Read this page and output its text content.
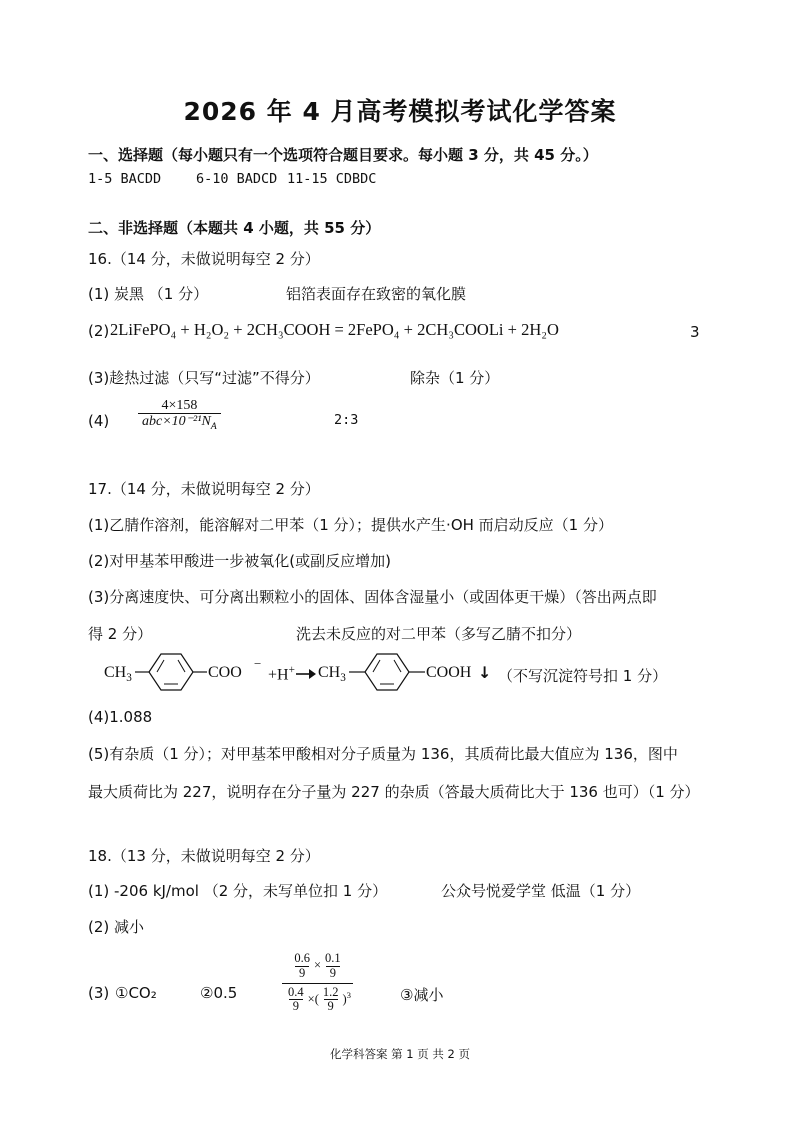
2026 年 4 月高考模拟考试化学答案
一、选择题（每小题只有一个选项符合题目要求。每小题 3 分，共 45 分。）
1-5 BACDD	6-10 BADCD 11-15 CDBDC
二、非选择题（本题共 4 小题，共 55 分）
16.（14 分，未做说明每空 2 分）
(1) 炭黑 （1 分）	铝箔表面存在致密的氧化膜
(2) 2LiFePO₄ + H₂O₂ + 2CH₃COOH = 2FePO₄ + 2CH₃COOLi + 2H₂O	3
(3)趁热过滤（只写“过滤”不得分）	除杂（1 分）
$(4) \frac{4\times 158}{abc\times 10^{-21}N_A}$	2:3
17.（14 分，未做说明每空 2 分）
(1)乙腈作溶剂，能溶解对二甲苯（1 分）；提供水产生·OH 而启动反应（1 分）
(2)对甲基苯甲酸进一步被氧化(或副反应增加)
(3)分离速度快、可分离出颗粒小的固体、固体含湿量小（或固体更干燥）（答出两点即
得 2 分）	洗去未反应的对二甲苯（多写乙腈不扣分）
$CH_3$	COO
−
$+H^+ \to CH_3$	COOH ↓ （不写沉淀符号扣 1 分）
(4)1.088
(5)有杂质（1 分）；对甲基苯甲酸相对分子质量为 136，其质荷比最大值应为 136，图中
最大质荷比为 227，说明存在分子量为 227 的杂质（答最大质荷比大于 136 也可）（1 分）
18.（13 分，未做说明每空 2 分）
(1) -206 kJ/mol （2 分，未写单位扣 1 分）	公众号悦爱学堂 低温（1 分）
(2) 减小
(3) ①CO₂	②0.5	$\frac{\frac{0.6}{9} \times \frac{0.1}{9}}{\frac{0.4}{9} \times( \frac{1.2}{9} )^3}$	③减小
化学科答案 第 1 页 共 2 页
